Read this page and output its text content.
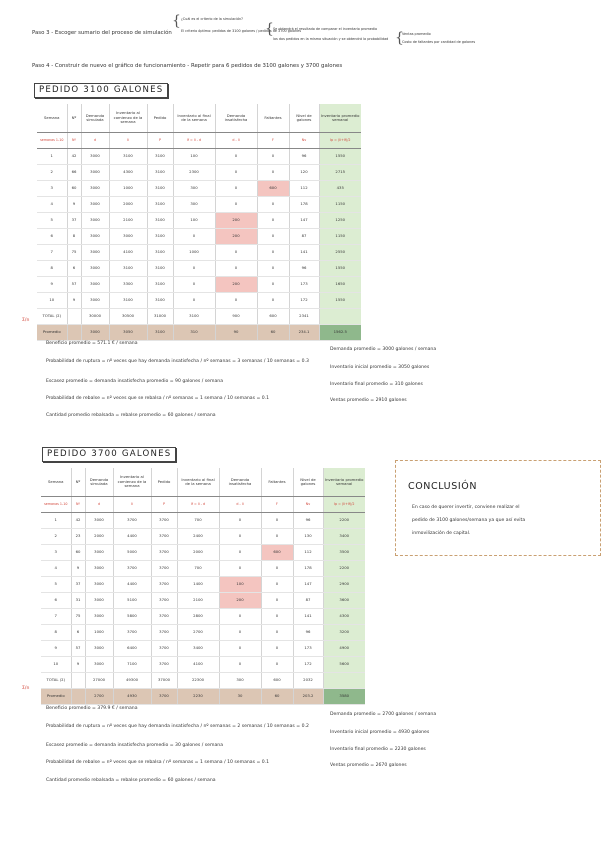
Paso 3 - Escoger sumario del proceso de simulación
{ ¿Cuál es el criterio de la simulación?
El criterio óptimo: pedidos de 3100 galones / pedidos de 3700 galones
{ Se obtendrá el resultado de comparar el inventario promedio
los dos pedidos en la misma situación y se obtendrá la probabilidad {
Ventas promedio
Costo de faltantes por cantidad de galones
Paso 4 - Construir de nuevo el gráfico de funcionamiento - Repetir para 6 pedidos de 3100 galones y 3700 galones
PEDIDO 3100 GALONES
Semana	Nº	Demanda simulada	Inventario al comienzo de la semana	Pedido	Inventario al final de la semana	Demanda insatisfecha	Faltantes	Nivel de galones	Inventario promedio semanal
semanas 1-10	Nº	d	Ii	P	If = Ii - d	d - Ii	F	Nv	Ip = (Ii+If)/2
1	42	3000	3100	3100	100	0	0	96	1550
2	66	3000	4300	3100	2300	0	0	120	2715
3	60	3000	1000	3100	300	0	600	112	435
4	9	3000	2000	3100	300	0	0	178	1150
5	37	3000	2100	3100	100	200	0	147	1250
6	8	3000	3000	3100	0	200	0	87	1150
7	75	3000	4100	3100	1000	0	0	141	2550
8	6	3000	3100	3100	0	0	0	96	1550
9	57	3000	3300	3100	0	200	0	173	1650
10	9	3000	3100	3100	0	0	0	172	1550
TOTAL (Σ)		30000	30500	31000	3100	900	600	2341	
Promedio		3000	3050	3100	310	90	60	234.1	1562.5
Σ/n
Beneficio promedio = 571.1 € / semana
Probabilidad de ruptura = nº veces que hay demanda insatisfecha / nº semanas = 3 semanas / 10 semanas = 0.3
Escasez promedio = demanda insatisfecha promedio = 90 galones / semana
Probabilidad de rebalse = nº veces que se rebalsa / nº semanas = 1 semana / 10 semanas = 0.1
Cantidad promedio rebalsada = rebalse promedio = 60 galones / semana
Demanda promedio = 3000 galones / semana
Inventario inicial promedio = 3050 galones
Inventario final promedio = 310 galones
Ventas promedio = 2910 galones
PEDIDO 3700 GALONES
Semana	Nº	Demanda simulada	Inventario al comienzo de la semana	Pedido	Inventario al final de la semana	Demanda insatisfecha	Faltantes	Nivel de galones	Inventario promedio semanal
semanas 1-10	Nº	d	Ii	P	If = Ii - d	d - Ii	F	Nv	Ip = (Ii+If)/2
1	42	3000	3700	3700	700	0	0	96	2200
2	23	2000	4400	3700	2400	0	0	130	3400
3	60	3000	5000	3700	2000	0	600	112	3500
4	9	3000	3700	3700	700	0	0	178	2200
5	37	3000	4400	3700	1400	100	0	147	2900
6	31	3000	5100	3700	2100	200	0	87	3600
7	75	3000	5800	3700	2800	0	0	141	4300
8	6	1000	3700	3700	2700	0	0	96	3200
9	57	3000	6400	3700	3400	0	0	173	4900
10	9	3000	7100	3700	4100	0	0	172	5600
TOTAL (Σ)		27000	49300	37000	22300	300	600	2032	
Promedio		2700	4930	3700	2230	30	60	203.2	3580
Σ/n
Beneficio promedio = 379.9 € / semana
Probabilidad de ruptura = nº veces que hay demanda insatisfecha / nº semanas = 2 semanas / 10 semanas = 0.2
Escasez promedio = demanda insatisfecha promedio = 30 galones / semana
Probabilidad de rebalse = nº veces que se rebalsa / nº semanas = 1 semana / 10 semanas = 0.1
Cantidad promedio rebalsada = rebalse promedio = 60 galones / semana
Demanda promedio = 2700 galones / semana
Inventario inicial promedio = 4930 galones
Inventario final promedio = 2230 galones
Ventas promedio = 2670 galones
CONCLUSIÓN
En caso de querer invertir, conviene realizar el
pedido de 3100 galones/semana ya que así evita
inmovilización de capital.
